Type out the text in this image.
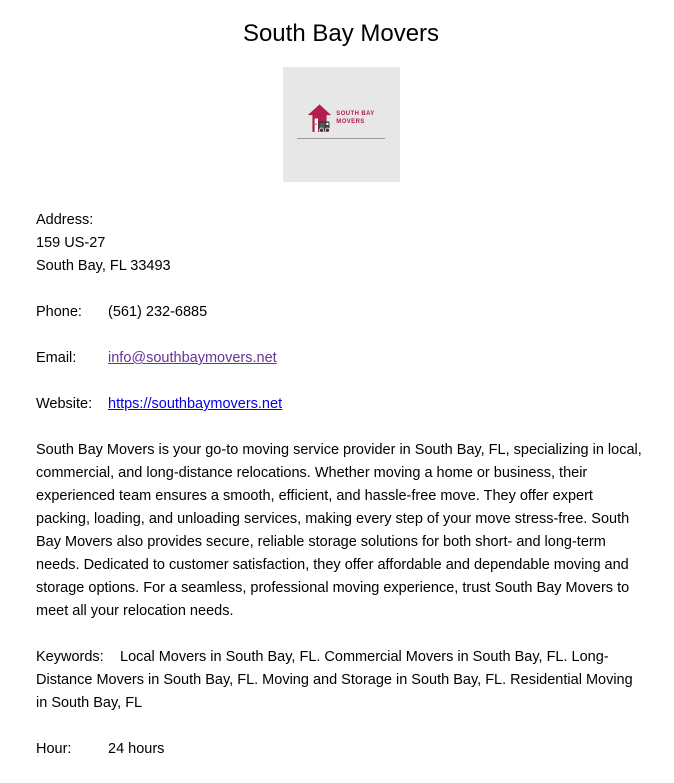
South Bay Movers
SOUTH BAY
MOVERS

Address:
159 US-27
South Bay, FL 33493

Phone: (561) 232-6885

Email: info@southbaymovers.net

Website: https://southbaymovers.net

South Bay Movers is your go-to moving service provider in South Bay, FL, specializing in local, commercial, and long-distance relocations. Whether moving a home or business, their experienced team ensures a smooth, efficient, and hassle-free move. They offer expert packing, loading, and unloading services, making every step of your move stress-free. South Bay Movers also provides secure, reliable storage solutions for both short- and long-term needs. Dedicated to customer satisfaction, they offer affordable and dependable moving and storage options. For a seamless, professional moving experience, trust South Bay Movers to meet all your relocation needs.

Keywords: Local Movers in South Bay, FL. Commercial Movers in South Bay, FL. Long-Distance Movers in South Bay, FL. Moving and Storage in South Bay, FL. Residential Moving in South Bay, FL

Hour:	24 hours
